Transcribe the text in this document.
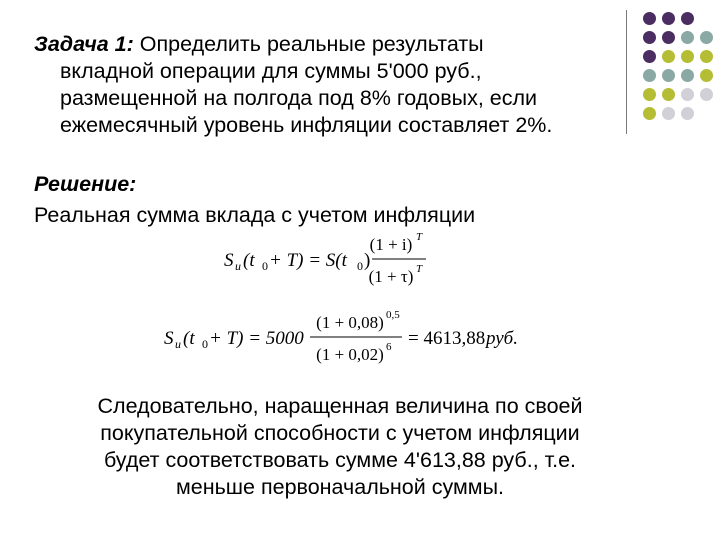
Задача 1: Определить реальные результаты
вкладной операции для суммы 5'000 руб.,
размещенной на полгода под 8% годовых, если
ежемесячный уровень инфляции составляет 2%.
Решение:
Реальная сумма вклада с учетом инфляции
S и (t 0 + T) = S(t 0 )
(1 + i) T
(1 + τ) T
S и (t 0 + T) = 5000
(1 + 0,08) 0,5
(1 + 0,02) 6 = 4613,88 руб.
Следовательно, наращенная величина по своей
покупательной способности с учетом инфляции
будет соответствовать сумме 4'613,88 руб., т.е.
меньше первоначальной суммы.
